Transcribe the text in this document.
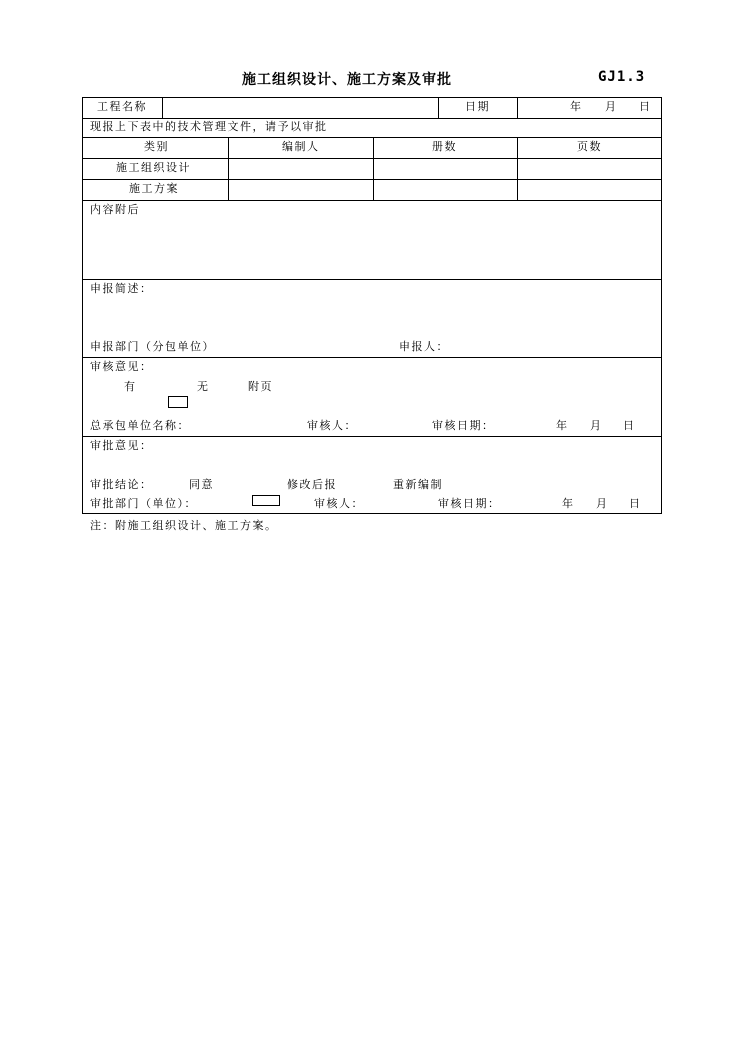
施工组织设计、施工方案及审批	GJ1.3
工程名称	日期	年 月 日
现报上下表中的技术管理文件，请予以审批
类别	编制人	册数	页数
施工组织设计
施工方案
内容附后
申报简述：
申报部门（分包单位）	申报人：
审核意见：
有	无	附页
总承包单位名称：	审核人：	审核日期：	年 月 日
审批意见：
审批结论：	同意	修改后报	重新编制
审批部门（单位）：	审核人：	审核日期：	年 月 日
注：附施工组织设计、施工方案。
